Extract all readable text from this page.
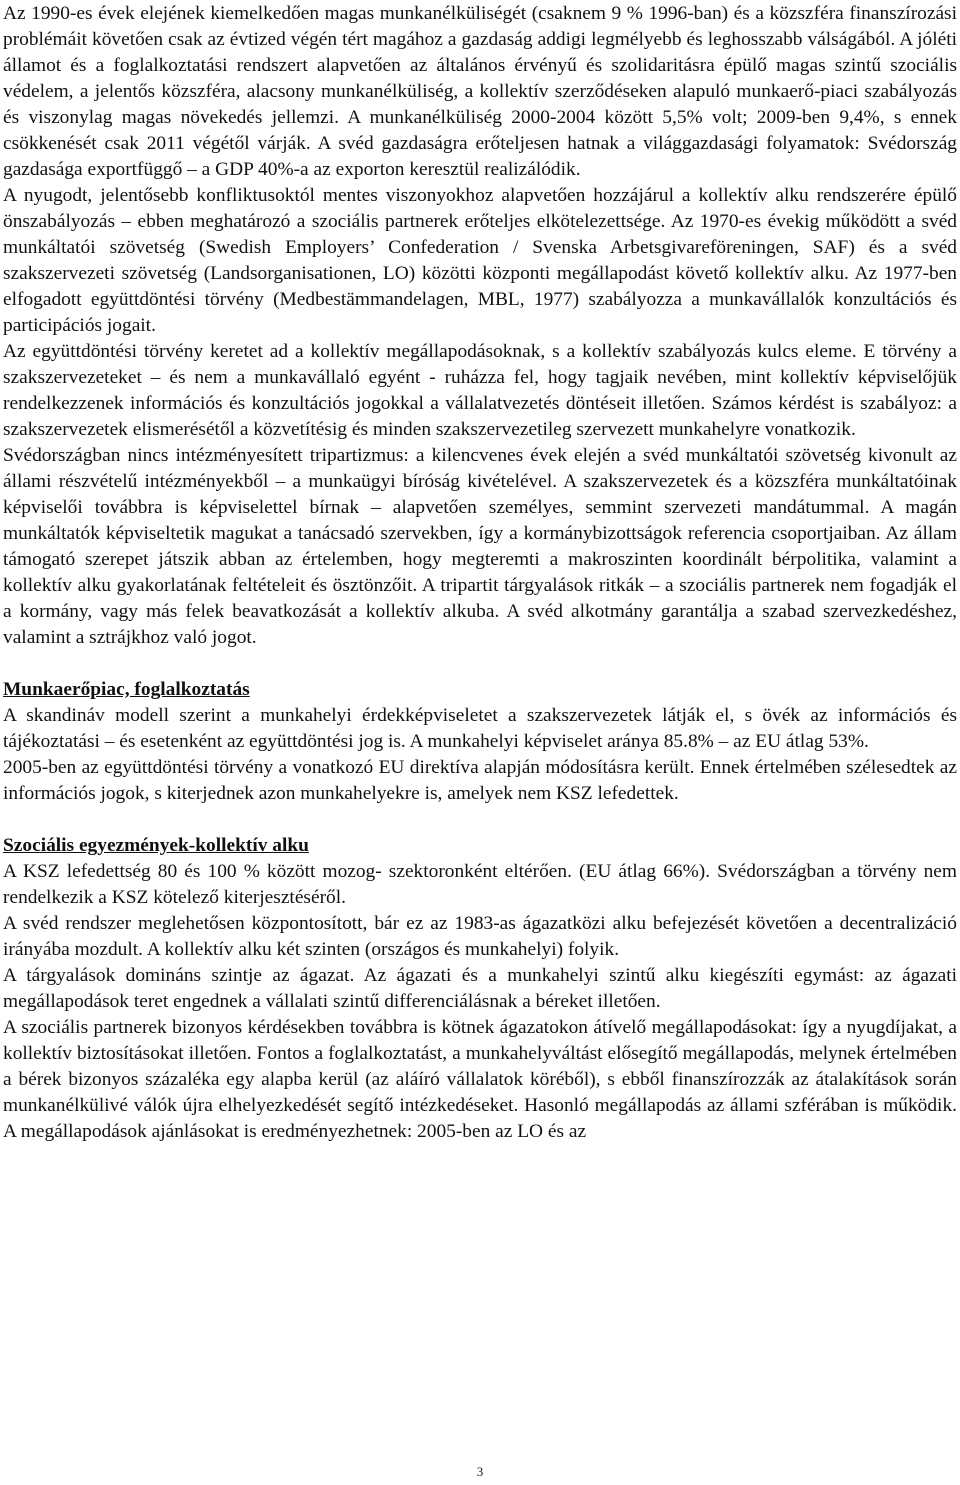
Az 1990-es évek elejének kiemelkedően magas munkanélküliségét (csaknem 9 % 1996-ban) és a közszféra finanszírozási problémáit követően csak az évtized végén tért magához a gazdaság addigi legmélyebb és leghosszabb válságából. A jóléti államot és a foglalkoztatási rendszert alapvetően az általános érvényű és szolidaritásra épülő magas szintű szociális védelem, a jelentős közszféra, alacsony munkanélküliség, a kollektív szerződéseken alapuló munkaerő-piaci szabályozás és viszonylag magas növekedés jellemzi. A munkanélküliség 2000-2004 között 5,5% volt; 2009-ben 9,4%, s ennek csökkenését csak 2011 végétől várják. A svéd gazdaságra erőteljesen hatnak a világgazdasági folyamatok: Svédország gazdasága exportfüggő – a GDP 40%-a az exporton keresztül realizálódik.

A nyugodt, jelentősebb konfliktusoktól mentes viszonyokhoz alapvetően hozzájárul a kollektív alku rendszerére épülő önszabályozás – ebben meghatározó a szociális partnerek erőteljes elkötelezettsége. Az 1970-es évekig működött a svéd munkáltatói szövetség (Swedish Employers’ Confederation / Svenska Arbetsgivareföreningen, SAF) és a svéd szakszervezeti szövetség (Landsorganisationen, LO) közötti központi megállapodást követő kollektív alku. Az 1977-ben elfogadott együttdöntési törvény (Medbestämmandelagen, MBL, 1977) szabályozza a munkavállalók konzultációs és participációs jogait.

Az együttdöntési törvény keretet ad a kollektív megállapodásoknak, s a kollektív szabályozás kulcs eleme. E törvény a szakszervezeteket – és nem a munkavállaló egyént - ruházza fel, hogy tagjaik nevében, mint kollektív képviselőjük rendelkezzenek információs és konzultációs jogokkal a vállalatvezetés döntéseit illetően. Számos kérdést is szabályoz: a szakszervezetek elismerésétől a közvetítésig és minden szakszervezetileg szervezett munkahelyre vonatkozik.

Svédországban nincs intézményesített tripartizmus: a kilencvenes évek elején a svéd munkáltatói szövetség kivonult az állami részvételű intézményekből – a munkaügyi bíróság kivételével. A szakszervezetek és a közszféra munkáltatóinak képviselői továbbra is képviselettel bírnak – alapvetően személyes, semmint szervezeti mandátummal. A magán munkáltatók képviseltetik magukat a tanácsadó szervekben, így a kormánybizottságok referencia csoportjaiban. Az állam támogató szerepet játszik abban az értelemben, hogy megteremti a makroszinten koordinált bérpolitika, valamint a kollektív alku gyakorlatának feltételeit és ösztönzőit. A tripartit tárgyalások ritkák – a szociális partnerek nem fogadják el a kormány, vagy más felek beavatkozását a kollektív alkuba. A svéd alkotmány garantálja a szabad szervezkedéshez, valamint a sztrájkhoz való jogot.

Munkaerőpiac, foglalkoztatás

A skandináv modell szerint a munkahelyi érdekképviseletet a szakszervezetek látják el, s övék az információs és tájékoztatási – és esetenként az együttdöntési jog is. A munkahelyi képviselet aránya 85.8% – az EU átlag 53%.

2005-ben az együttdöntési törvény a vonatkozó EU direktíva alapján módosításra került. Ennek értelmében szélesedtek az információs jogok, s kiterjednek azon munkahelyekre is, amelyek nem KSZ lefedettek.

Szociális egyezmények-kollektív alku

A KSZ lefedettség 80 és 100 % között mozog- szektoronként eltérően. (EU átlag 66%). Svédországban a törvény nem rendelkezik a KSZ kötelező kiterjesztéséről.

A svéd rendszer meglehetősen központosított, bár ez az 1983-as ágazatközi alku befejezését követően a decentralizáció irányába mozdult. A kollektív alku két szinten (országos és munkahelyi) folyik.

A tárgyalások domináns szintje az ágazat. Az ágazati és a munkahelyi szintű alku kiegészíti egymást: az ágazati megállapodások teret engednek a vállalati szintű differenciálásnak a béreket illetően.

A szociális partnerek bizonyos kérdésekben továbbra is kötnek ágazatokon átívelő megállapodásokat: így a nyugdíjakat, a kollektív biztosításokat illetően. Fontos a foglalkoztatást, a munkahelyváltást elősegítő megállapodás, melynek értelmében a bérek bizonyos százaléka egy alapba kerül (az aláíró vállalatok köréből), s ebből finanszírozzák az átalakítások során munkanélkülivé válók újra elhelyezkedését segítő intézkedéseket. Hasonló megállapodás az állami szférában is működik. A megállapodások ajánlásokat is eredményezhetnek: 2005-ben az LO és az

3
